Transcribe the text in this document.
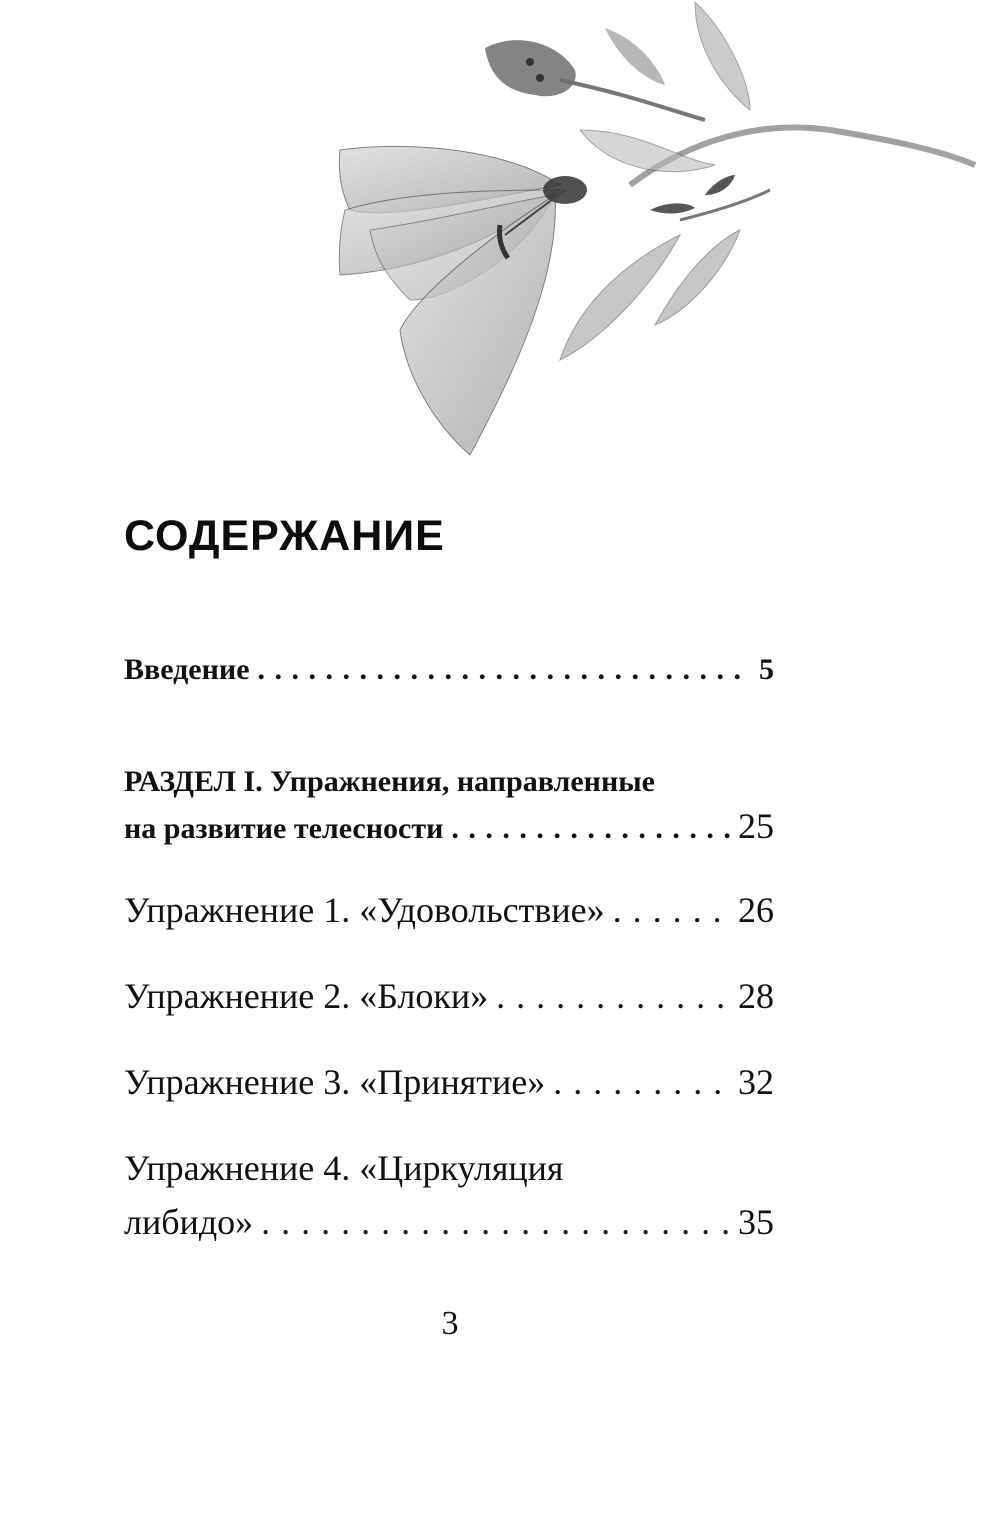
СОДЕРЖАНИЕ
Введение . . .	5
РАЗДЕЛ I. Упражнения, направленные
на развитие телесности . . .	25
Упражнение 1. «Удовольствие» . . .	26
Упражнение 2. «Блоки» . . .	28
Упражнение 3. «Принятие» . . .	32
Упражнение 4. «Циркуляция
либидо» . . .	35
3
